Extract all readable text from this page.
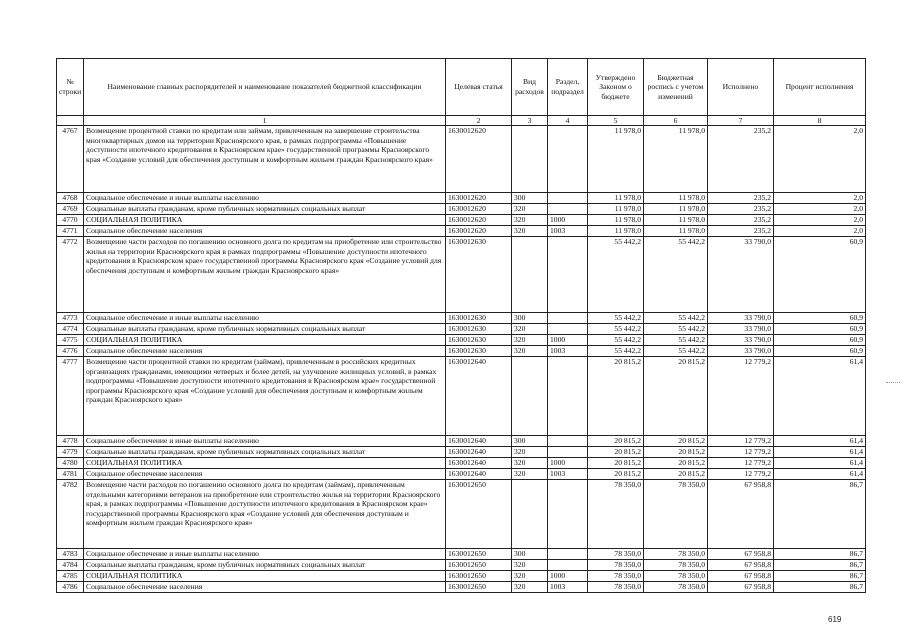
№ строки	Наименование главных распорядителей и наименование показателей бюджетной классификации	Целевая статья	Вид расходов	Раздел, подраздел	Утверждено Законом о бюджете	Бюджетная роспись с учетом изменений	Исполнено	Процент исполнения
	1	2	3	4	5	6	7	8
4767	Возмещение процентной ставки по кредитам или займам, привлеченным на завершение строительства многоквартирных домов на территории Красноярского края, в рамках подпрограммы «Повышение доступности ипотечного кредитования в Красноярском крае» государственной программы Красноярского края «Создание условий для обеспечения доступным и комфортным жильем граждан Красноярского края»	1630012620			11 978,0	11 978,0	235,2	2,0
4768	Социальное обеспечение и иные выплаты населению	1630012620	300		11 978,0	11 978,0	235,2	2,0
4769	Социальные выплаты гражданам, кроме публичных нормативных социальных выплат	1630012620	320		11 978,0	11 978,0	235,2	2,0
4770	СОЦИАЛЬНАЯ ПОЛИТИКА	1630012620	320	1000	11 978,0	11 978,0	235,2	2,0
4771	Социальное обеспечение населения	1630012620	320	1003	11 978,0	11 978,0	235,2	2,0
4772	Возмещение части расходов по погашению основного долга по кредитам на приобретение или строительство жилья на территории Красноярского края в рамках подпрограммы «Повышение доступности ипотечного кредитования в Красноярском крае» государственной программы Красноярского края «Создание условий для обеспечения доступным и комфортным жильем граждан Красноярского края»	1630012630			55 442,2	55 442,2	33 790,0	60,9
4773	Социальное обеспечение и иные выплаты населению	1630012630	300		55 442,2	55 442,2	33 790,0	60,9
4774	Социальные выплаты гражданам, кроме публичных нормативных социальных выплат	1630012630	320		55 442,2	55 442,2	33 790,0	60,9
4775	СОЦИАЛЬНАЯ ПОЛИТИКА	1630012630	320	1000	55 442,2	55 442,2	33 790,0	60,9
4776	Социальное обеспечение населения	1630012630	320	1003	55 442,2	55 442,2	33 790,0	60,9
4777	Возмещение части процентной ставки по кредитам (займам), привлеченным в российских кредитных организациях гражданами, имеющими четверых и более детей, на улучшение жилищных условий, в рамках подпрограммы «Повышение доступности ипотечного кредитования в Красноярском крае» государственной программы Красноярского края «Создание условий для обеспечения доступным и комфортным жильем граждан Красноярского края»	1630012640			20 815,2	20 815,2	12 779,2	61,4
4778	Социальное обеспечение и иные выплаты населению	1630012640	300		20 815,2	20 815,2	12 779,2	61,4
4779	Социальные выплаты гражданам, кроме публичных нормативных социальных выплат	1630012640	320		20 815,2	20 815,2	12 779,2	61,4
4780	СОЦИАЛЬНАЯ ПОЛИТИКА	1630012640	320	1000	20 815,2	20 815,2	12 779,2	61,4
4781	Социальное обеспечение населения	1630012640	320	1003	20 815,2	20 815,2	12 779,2	61,4
4782	Возмещение части расходов по погашению основного долга по кредитам (займам), привлеченным отдельными категориями ветеранов на приобретение или строительство жилья на территории Красноярского края, в рамках подпрограммы «Повышение доступности ипотечного кредитования в Красноярском крае» государственной программы Красноярского края «Создание условий для обеспечения доступным и комфортным жильем граждан Красноярского края»	1630012650			78 350,0	78 350,0	67 958,8	86,7
4783	Социальное обеспечение и иные выплаты населению	1630012650	300		78 350,0	78 350,0	67 958,8	86,7
4784	Социальные выплаты гражданам, кроме публичных нормативных социальных выплат	1630012650	320		78 350,0	78 350,0	67 958,8	86,7
4785	СОЦИАЛЬНАЯ ПОЛИТИКА	1630012650	320	1000	78 350,0	78 350,0	67 958,8	86,7
4786	Социальное обеспечение населения	1630012650	320	1003	78 350,0	78 350,0	67 958,8	86,7
619
